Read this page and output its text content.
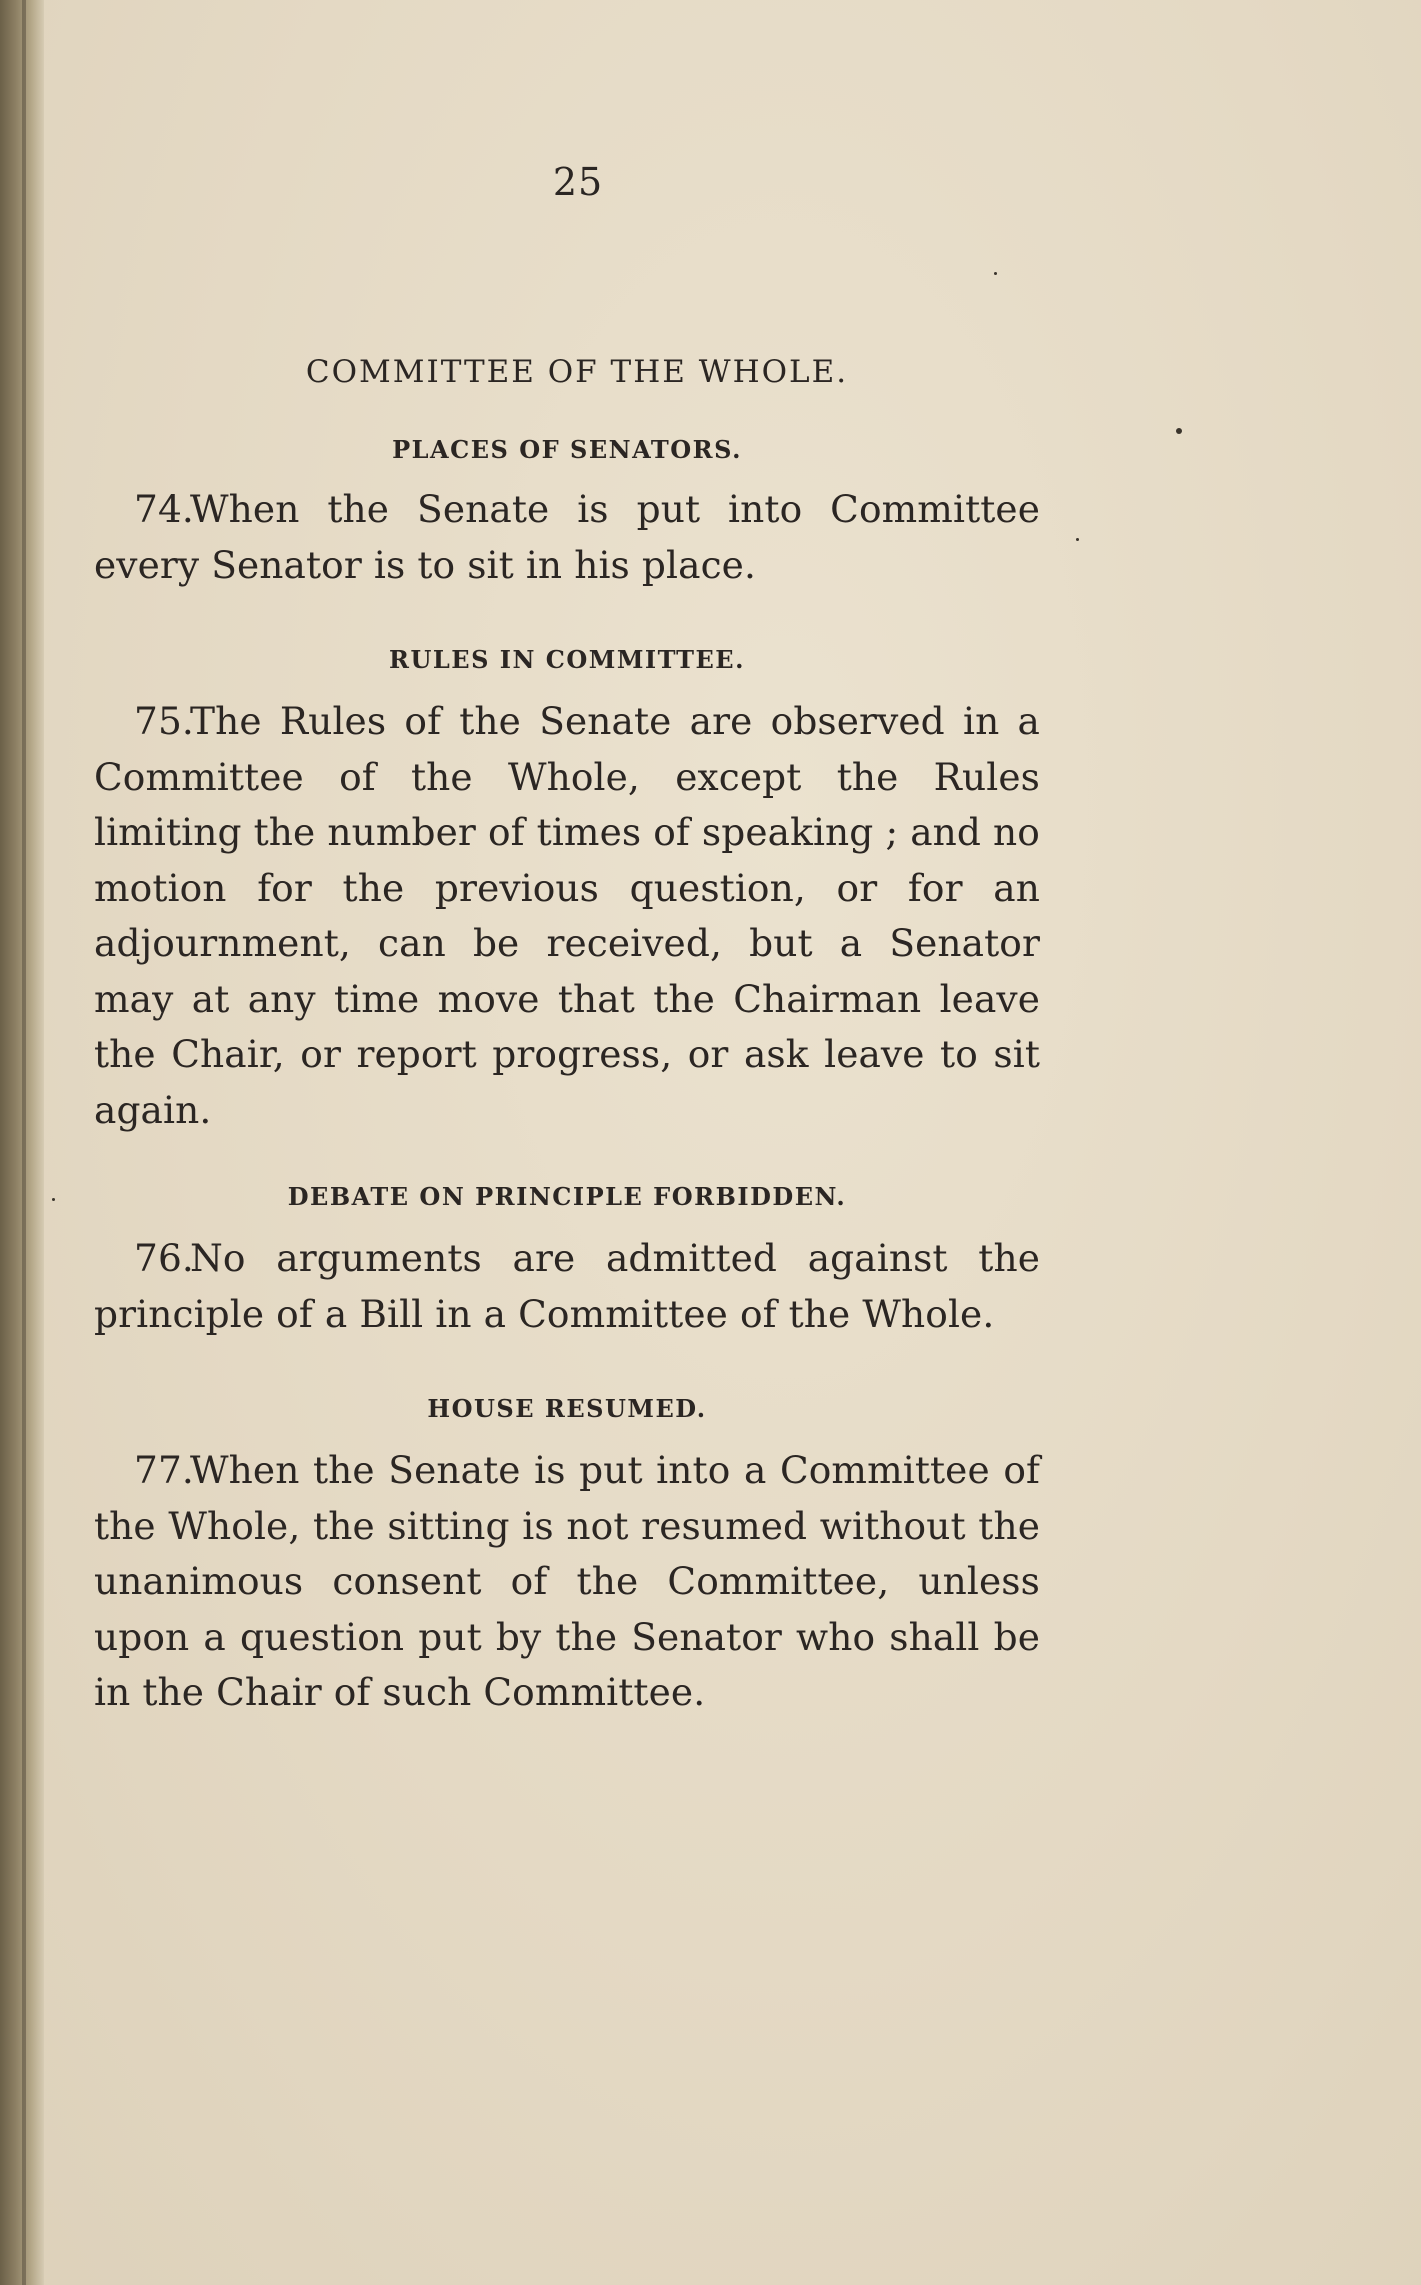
25

COMMITTEE OF THE WHOLE.
PLACES OF SENATORS.

74.When the Senate is put into Committee every Senator is to sit in his place.

RULES IN COMMITTEE.

75.The Rules of the Senate are observed in a Committee of the Whole, except the Rules limiting the number of times of speaking ; and no motion for the previous question, or for an adjournment, can be received, but a Senator may at any time move that the Chairman leave the Chair, or report progress, or ask leave to sit again.

DEBATE ON PRINCIPLE FORBIDDEN.

76.No arguments are admitted against the principle of a Bill in a Committee of the Whole.

HOUSE RESUMED.

77.When the Senate is put into a Committee of the Whole, the sitting is not resumed without the unanimous consent of the Committee, unless upon a question put by the Senator who shall be in the Chair of such Committee.
